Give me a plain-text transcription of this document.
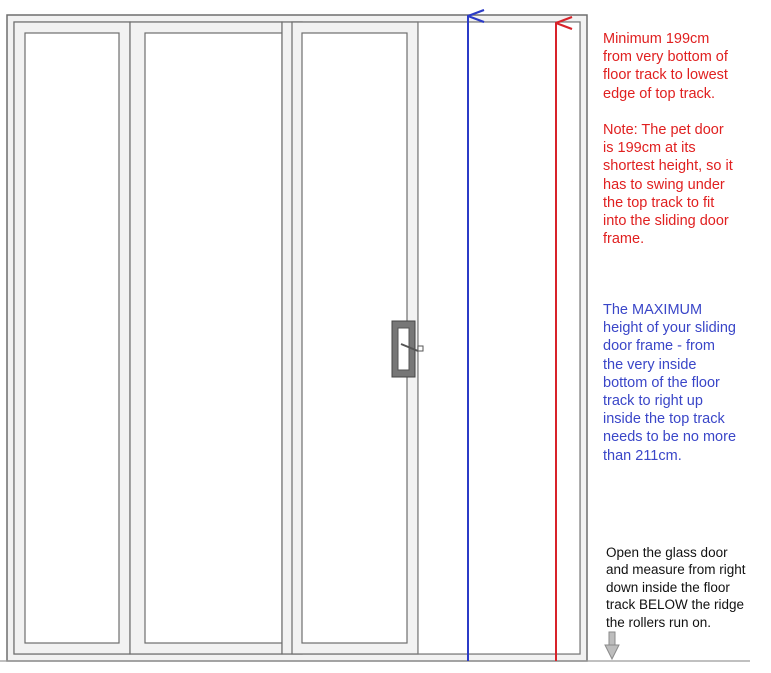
Minimum 199cm
from very bottom of
floor track to lowest
edge of top track.

Note: The pet door
is 199cm at its
shortest height, so it
has to swing under
the top track to fit
into the sliding door
frame.

The MAXIMUM
height of your sliding
door frame - from
the very inside
bottom of the floor
track to right up
inside the top track
needs to be no more
than 211cm.

Open the glass door
and measure from right
down inside the floor
track BELOW the ridge
the rollers run on.
